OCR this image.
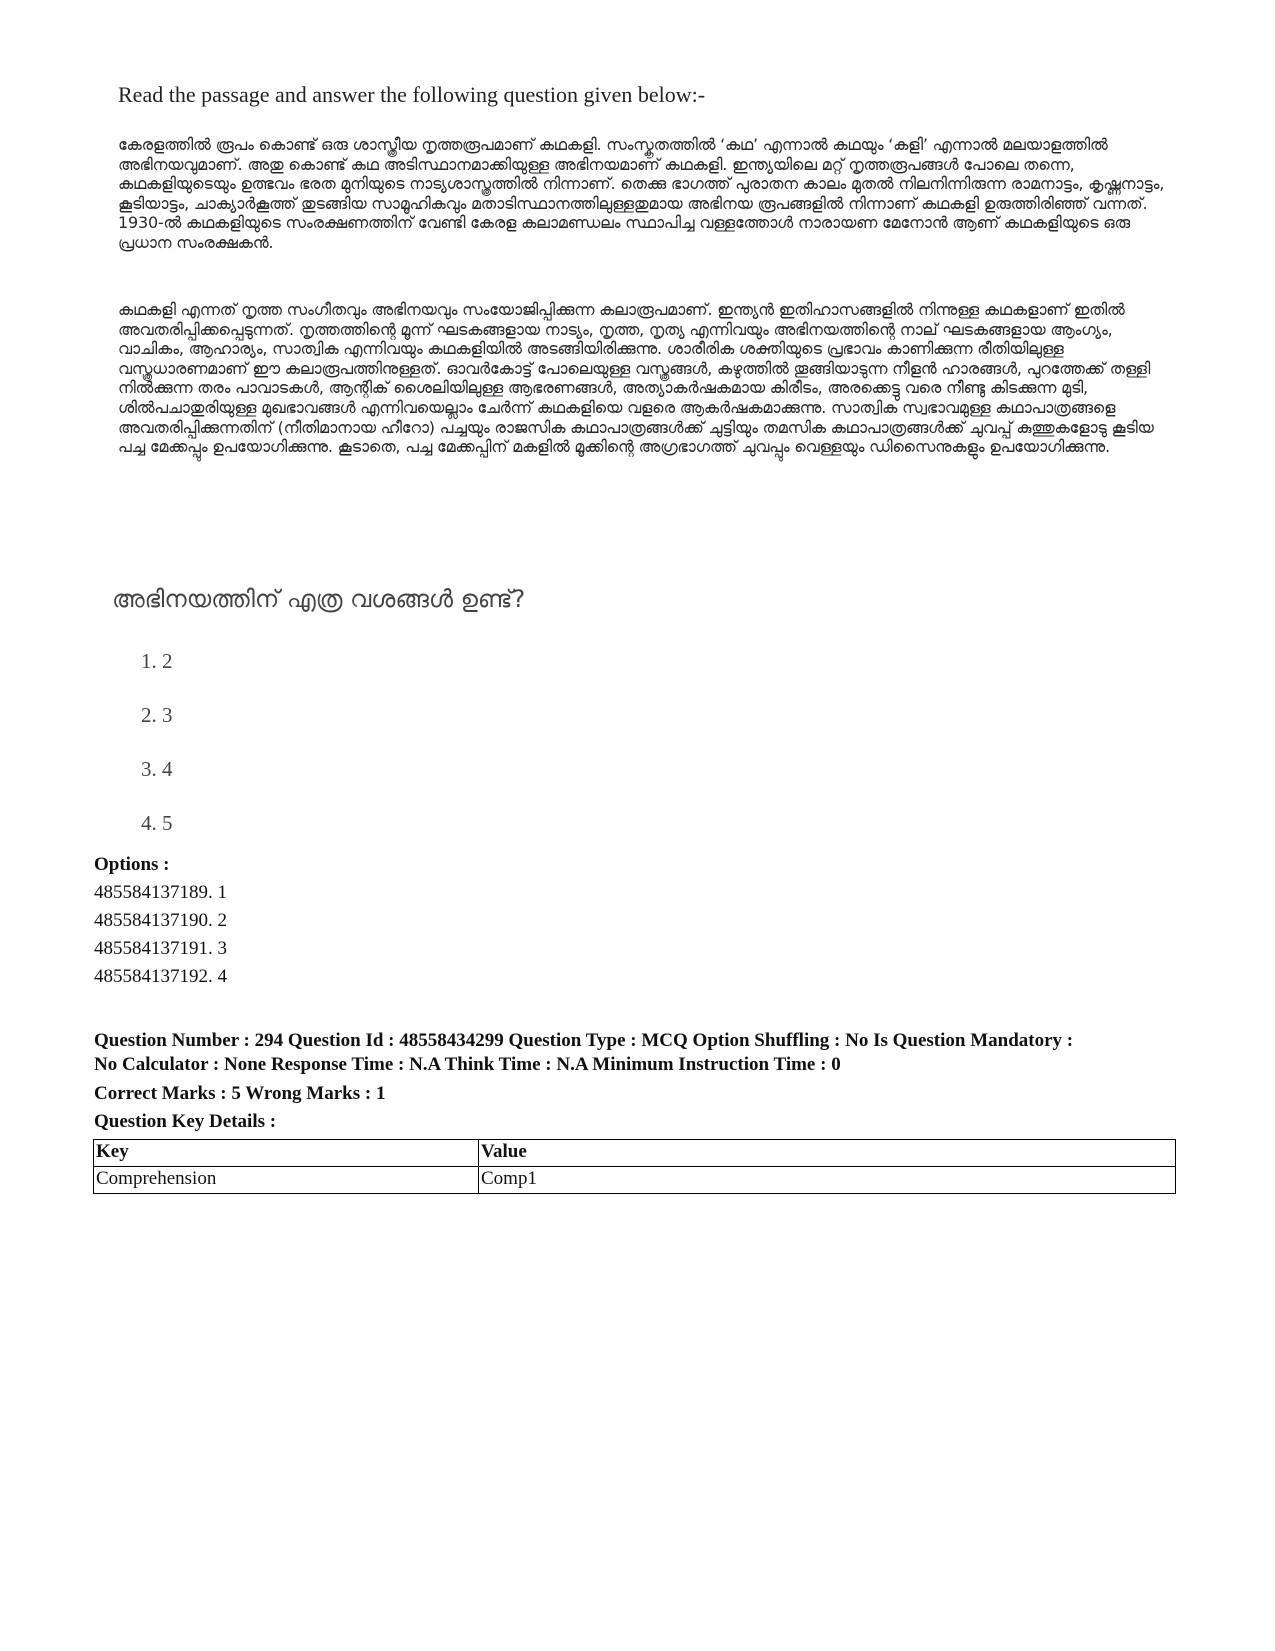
Read the passage and answer the following question given below:-

കേരളത്തിൽ രൂപം കൊണ്ട് ഒരു ശാസ്ത്രീയ നൃത്തരൂപമാണ് കഥകളി. സംസ്കൃതത്തിൽ ‘കഥ’ എന്നാൽ കഥയും ‘കളി’ എന്നാൽ മലയാളത്തിൽ അഭിനയവുമാണ്. അതു കൊണ്ട് കഥ അടിസ്ഥാനമാക്കിയുള്ള അഭിനയമാണ് കഥകളി. ഇന്ത്യയിലെ മറ്റ് നൃത്തരൂപങ്ങൾ പോലെ തന്നെ, കഥകളിയുടെയും ഉത്ഭവം ഭരത മുനിയുടെ നാട്യശാസ്ത്രത്തിൽ നിന്നാണ്. തെക്കു ഭാഗത്ത് പുരാതന കാലം മുതൽ നിലനിന്നിരുന്ന രാമനാട്ടം, കൃഷ്ണനാട്ടം, കൂടിയാട്ടം, ചാക്യാർകൂത്ത് തുടങ്ങിയ സാമൂഹികവും മതാടിസ്ഥാനത്തിലുള്ളതുമായ അഭിനയ രൂപങ്ങളിൽ നിന്നാണ് കഥകളി ഉരുത്തിരിഞ്ഞ് വന്നത്. 1930-ൽ കഥകളിയുടെ സംരക്ഷണത്തിന് വേണ്ടി കേരള കലാമണ്ഡലം സ്ഥാപിച്ച വള്ളത്തോൾ നാരായണ മേനോൻ ആണ് കഥകളിയുടെ ഒരു പ്രധാന സംരക്ഷകൻ.

കഥകളി എന്നത് നൃത്ത സംഗീതവും അഭിനയവും സംയോജിപ്പിക്കുന്ന കലാരൂപമാണ്. ഇന്ത്യൻ ഇതിഹാസങ്ങളിൽ നിന്നുള്ള കഥകളാണ് ഇതിൽ അവതരിപ്പിക്കപ്പെടുന്നത്. നൃത്തത്തിന്റെ മൂന്ന് ഘടകങ്ങളായ നാട്യം, നൃത്ത, നൃത്യ എന്നിവയും അഭിനയത്തിന്റെ നാല് ഘടകങ്ങളായ ആംഗ്യം, വാചികം, ആഹാര്യം, സാത്വിക എന്നിവയും കഥകളിയിൽ അടങ്ങിയിരിക്കുന്നു. ശാരീരിക ശക്തിയുടെ പ്രഭാവം കാണിക്കുന്ന രീതിയിലുള്ള വസ്ത്രധാരണമാണ് ഈ കലാരൂപത്തിനുള്ളത്. ഓവർകോട്ട് പോലെയുള്ള വസ്ത്രങ്ങൾ, കഴുത്തിൽ തൂങ്ങിയാടുന്ന നീളൻ ഹാരങ്ങൾ, പുറത്തേക്ക് തള്ളി നിൽക്കുന്ന തരം പാവാടകൾ, ആന്റിക് ശൈലിയിലുള്ള ആഭരണങ്ങൾ, അത്യാകർഷകമായ കിരീടം, അരക്കെട്ടു വരെ നീണ്ടു കിടക്കുന്ന മുടി, ശിൽപചാതുരിയുള്ള മുഖഭാവങ്ങൾ എന്നിവയെല്ലാം ചേർന്ന് കഥകളിയെ വളരെ ആകർഷകമാക്കുന്നു. സാത്വിക സ്വഭാവമുള്ള കഥാപാത്രങ്ങളെ അവതരിപ്പിക്കുന്നതിന് (നീതിമാനായ ഹീറോ) പച്ചയും രാജസിക കഥാപാത്രങ്ങൾക്ക് ചുട്ടിയും തമസിക കഥാപാത്രങ്ങൾക്ക് ചുവപ്പ് കുത്തുകളോടു കൂടിയ പച്ച മേക്കപ്പും ഉപയോഗിക്കുന്നു. കൂടാതെ, പച്ച മേക്കപ്പിന് മകളിൽ മൂക്കിന്റെ അഗ്രഭാഗത്ത് ചുവപ്പും വെള്ളയും ഡിസൈനുകളും ഉപയോഗിക്കുന്നു.

അഭിനയത്തിന് എത്ര വശങ്ങൾ ഉണ്ട്?
1. 2
2. 3
3. 4
4. 5
Options :
485584137189. 1
485584137190. 2
485584137191. 3
485584137192. 4
Question Number : 294 Question Id : 48558434299 Question Type : MCQ Option Shuffling : No Is Question Mandatory :
No Calculator : None Response Time : N.A Think Time : N.A Minimum Instruction Time : 0
Correct Marks : 5 Wrong Marks : 1
Question Key Details :
Key	Value
Comprehension	Comp1
